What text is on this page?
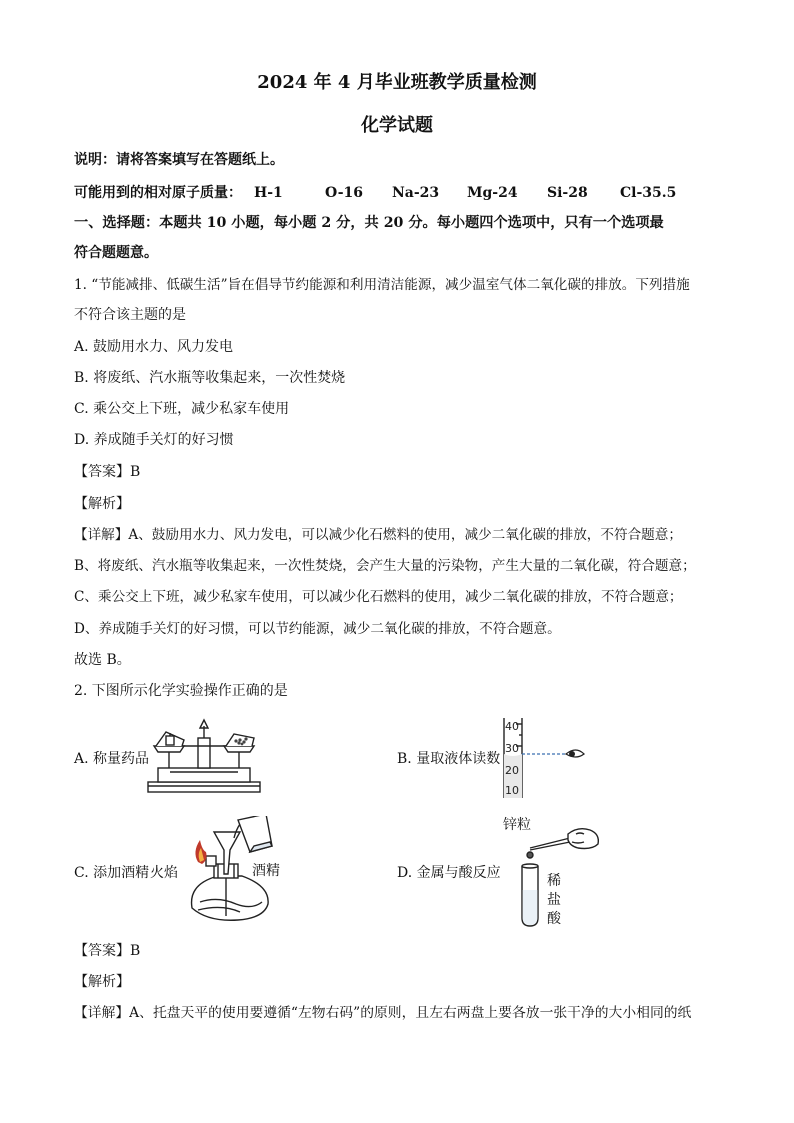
2024 年 4 月毕业班教学质量检测
化学试题
说明：请将答案填写在答题纸上。
可能用到的相对原子质量： H-1	O-16 Na-23 Mg-24 Si-28 Cl-35.5
一、选择题：本题共 10 小题，每小题 2 分，共 20 分。每小题四个选项中，只有一个选项最
符合题题意。
1. “节能减排、低碳生活”旨在倡导节约能源和利用清洁能源，减少温室气体二氧化碳的排放。下列措施
不符合该主题的是
A. 鼓励用水力、风力发电
B. 将废纸、汽水瓶等收集起来，一次性焚烧
C. 乘公交上下班，减少私家车使用
D. 养成随手关灯的好习惯
【答案】B
【解析】
【详解】A、鼓励用水力、风力发电，可以减少化石燃料的使用，减少二氧化碳的排放，不符合题意；
B、将废纸、汽水瓶等收集起来，一次性焚烧，会产生大量的污染物，产生大量的二氧化碳，符合题意；
C、乘公交上下班，减少私家车使用，可以减少化石燃料的使用，减少二氧化碳的排放，不符合题意；
D、养成随手关灯的好习惯，可以节约能源，减少二氧化碳的排放，不符合题意。
故选 B。
2. 下图所示化学实验操作正确的是
A. 称量药品	B. 量取液体读数
40
30
20
10
C. 添加酒精 火焰	酒精	D. 金属与酸反应
锌粒
稀
盐
酸
【答案】B
【解析】
【详解】A、托盘天平的使用要遵循“左物右码”的原则，且左右两盘上要各放一张干净的大小相同的纸
